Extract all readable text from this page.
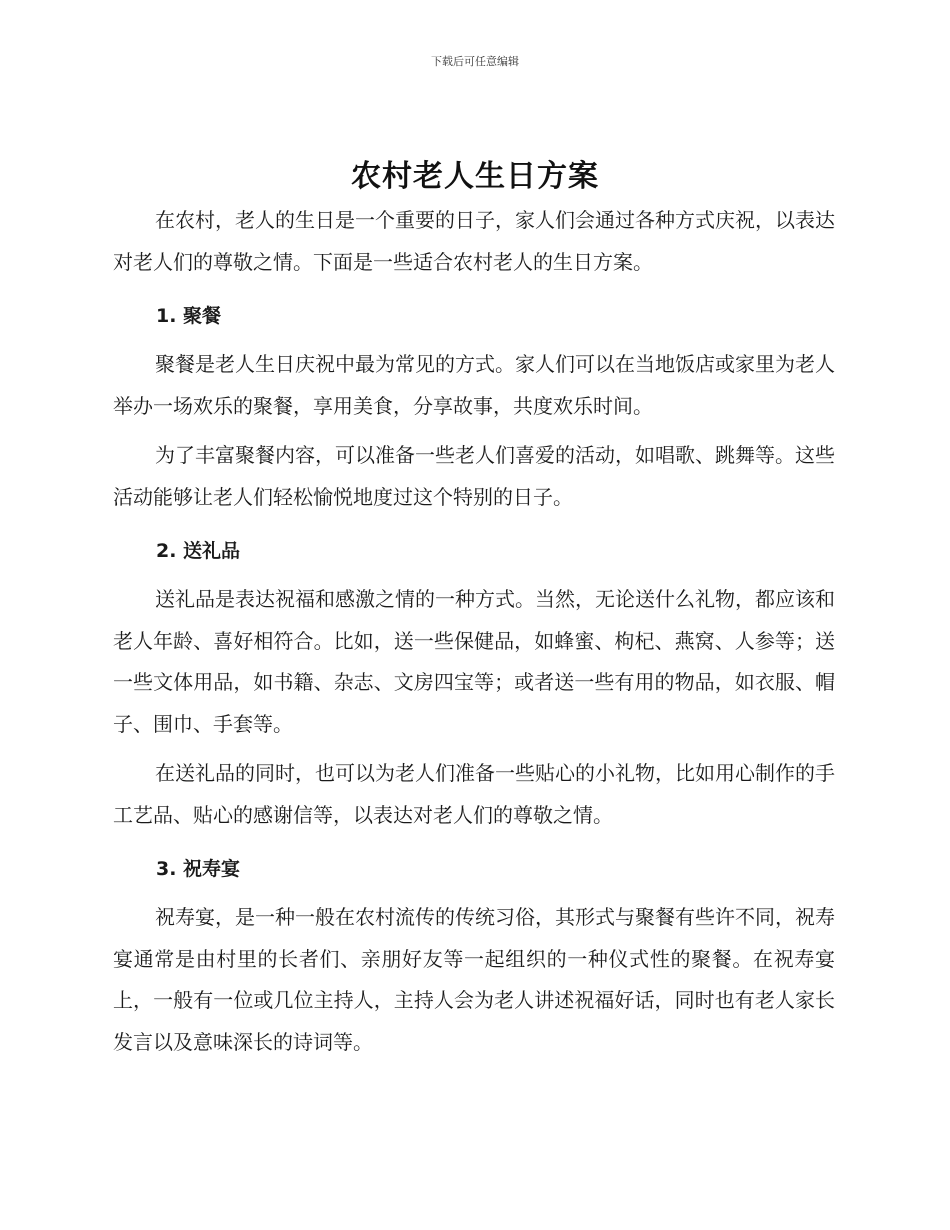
下载后可任意编辑
农村老人生日方案

在农村，老人的生日是一个重要的日子，家人们会通过各种方式庆祝，以表达对老人们的尊敬之情。下面是一些适合农村老人的生日方案。

1. 聚餐

聚餐是老人生日庆祝中最为常见的方式。家人们可以在当地饭店或家里为老人举办一场欢乐的聚餐，享用美食，分享故事，共度欢乐时间。

为了丰富聚餐内容，可以准备一些老人们喜爱的活动，如唱歌、跳舞等。这些活动能够让老人们轻松愉悦地度过这个特别的日子。

2. 送礼品

送礼品是表达祝福和感激之情的一种方式。当然，无论送什么礼物，都应该和老人年龄、喜好相符合。比如，送一些保健品，如蜂蜜、枸杞、燕窝、人参等；送一些文体用品，如书籍、杂志、文房四宝等；或者送一些有用的物品，如衣服、帽子、围巾、手套等。

在送礼品的同时，也可以为老人们准备一些贴心的小礼物，比如用心制作的手工艺品、贴心的感谢信等，以表达对老人们的尊敬之情。

3. 祝寿宴

祝寿宴，是一种一般在农村流传的传统习俗，其形式与聚餐有些许不同，祝寿宴通常是由村里的长者们、亲朋好友等一起组织的一种仪式性的聚餐。在祝寿宴上，一般有一位或几位主持人，主持人会为老人讲述祝福好话，同时也有老人家长发言以及意味深长的诗词等。
